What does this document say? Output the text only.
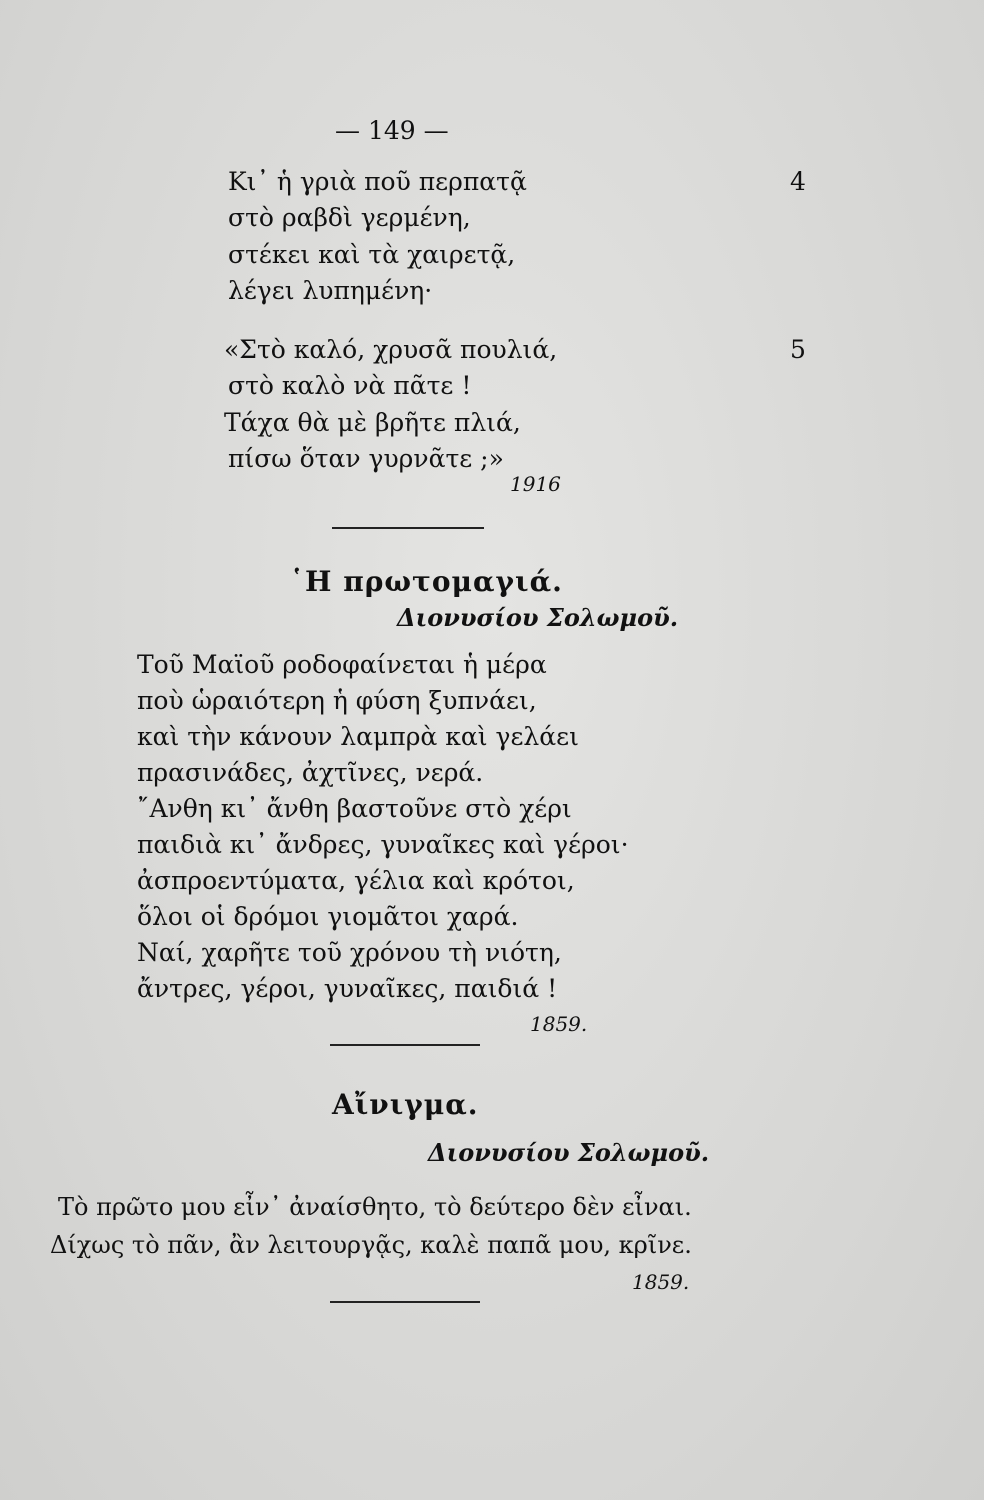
— 149 —
4
Κι᾽ ἡ γριὰ ποῦ περπατᾷ
στὸ ραβδὶ γερμένη,
στέκει καὶ τὰ χαιρετᾷ,
λέγει λυπημένη·
5
«Στὸ καλό, χρυσᾶ πουλιά,
στὸ καλὸ νὰ πᾶτε !
Τάχα θὰ μὲ βρῆτε πλιά,
πίσω ὅταν γυρνᾶτε ;»
1916
῾Η πρωτομαγιά.
Διονυσίου Σολωμοῦ.
Τοῦ Μαϊοῦ ροδοφαίνεται ἡ μέρα
ποὺ ὡραιότερη ἡ φύση ξυπνάει,
καὶ τὴν κάνουν λαμπρὰ καὶ γελάει
πρασινάδες, ἀχτῖνες, νερά.
῎Ανθη κι᾽ ἄνθη βαστοῦνε στὸ χέρι
παιδιὰ κι᾽ ἄνδρες, γυναῖκες καὶ γέροι·
ἀσπροεντύματα, γέλια καὶ κρότοι,
ὅλοι οἱ δρόμοι γιομᾶτοι χαρά.
Ναί, χαρῆτε τοῦ χρόνου τὴ νιότη,
ἄντρες, γέροι, γυναῖκες, παιδιά !
1859.
Αἴνιγμα.
Διονυσίου Σολωμοῦ.
Τὸ πρῶτο μου εἶν᾽ ἀναίσθητο, τὸ δεύτερο δὲν εἶναι.
Δίχως τὸ πᾶν, ἂν λειτουργᾷς, καλὲ παπᾶ μου, κρῖνε.
1859.
